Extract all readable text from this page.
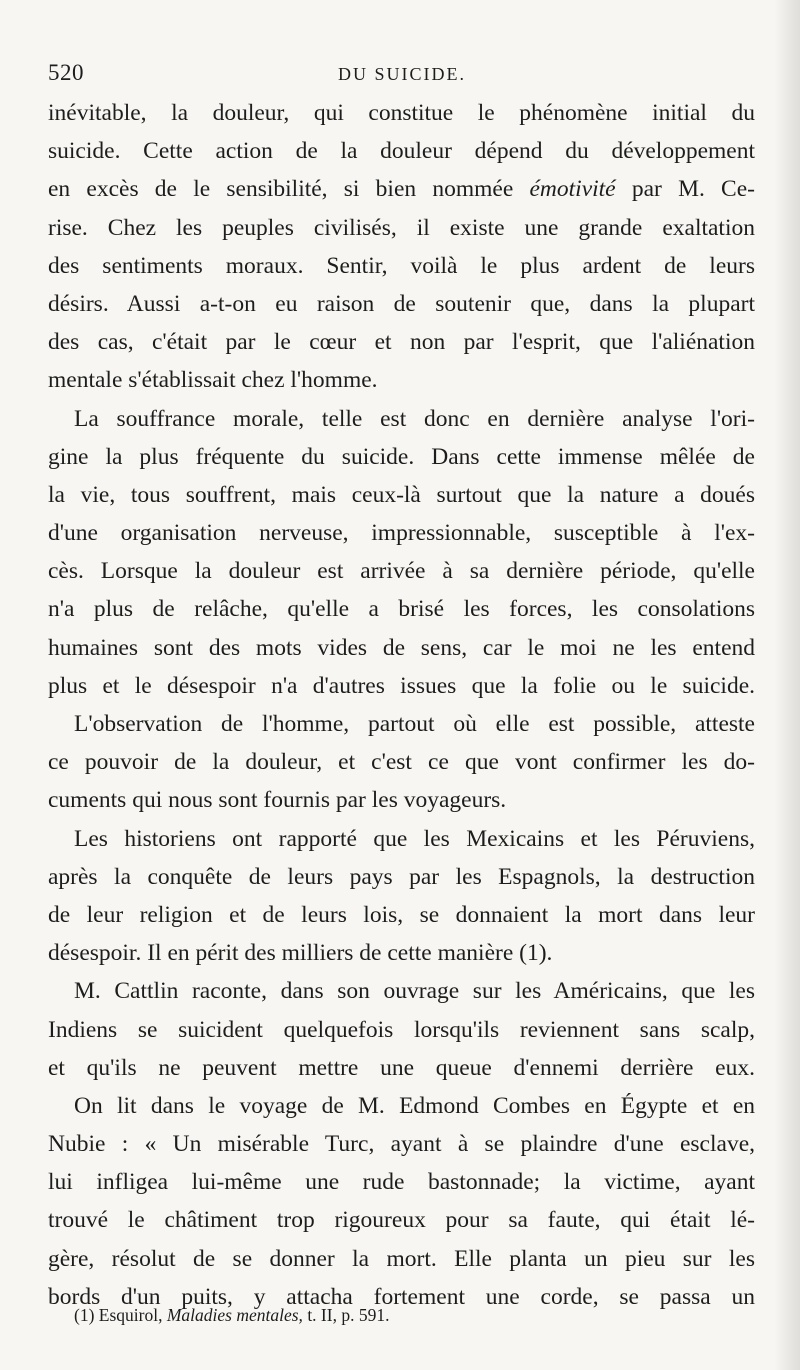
520	DU SUICIDE.
inévitable, la douleur, qui constitue le phénomène initial du
suicide. Cette action de la douleur dépend du développement
en excès de le sensibilité, si bien nommée émotivité par M. Ce-
rise. Chez les peuples civilisés, il existe une grande exaltation
des sentiments moraux. Sentir, voilà le plus ardent de leurs
désirs. Aussi a-t-on eu raison de soutenir que, dans la plupart
des cas, c'était par le cœur et non par l'esprit, que l'aliénation
mentale s'établissait chez l'homme.
La souffrance morale, telle est donc en dernière analyse l'ori-
gine la plus fréquente du suicide. Dans cette immense mêlée de
la vie, tous souffrent, mais ceux-là surtout que la nature a doués
d'une organisation nerveuse, impressionnable, susceptible à l'ex-
cès. Lorsque la douleur est arrivée à sa dernière période, qu'elle
n'a plus de relâche, qu'elle a brisé les forces, les consolations
humaines sont des mots vides de sens, car le moi ne les entend
plus et le désespoir n'a d'autres issues que la folie ou le suicide.
L'observation de l'homme, partout où elle est possible, atteste
ce pouvoir de la douleur, et c'est ce que vont confirmer les do-
cuments qui nous sont fournis par les voyageurs.
Les historiens ont rapporté que les Mexicains et les Péruviens,
après la conquête de leurs pays par les Espagnols, la destruction
de leur religion et de leurs lois, se donnaient la mort dans leur
désespoir. Il en périt des milliers de cette manière (1).
M. Cattlin raconte, dans son ouvrage sur les Américains, que les
Indiens se suicident quelquefois lorsqu'ils reviennent sans scalp,
et qu'ils ne peuvent mettre une queue d'ennemi derrière eux.
On lit dans le voyage de M. Edmond Combes en Égypte et en
Nubie : « Un misérable Turc, ayant à se plaindre d'une esclave,
lui infligea lui-même une rude bastonnade; la victime, ayant
trouvé le châtiment trop rigoureux pour sa faute, qui était lé-
gère, résolut de se donner la mort. Elle planta un pieu sur les
bords d'un puits, y attacha fortement une corde, se passa un
(1) Esquirol, Maladies mentales, t. II, p. 591.
